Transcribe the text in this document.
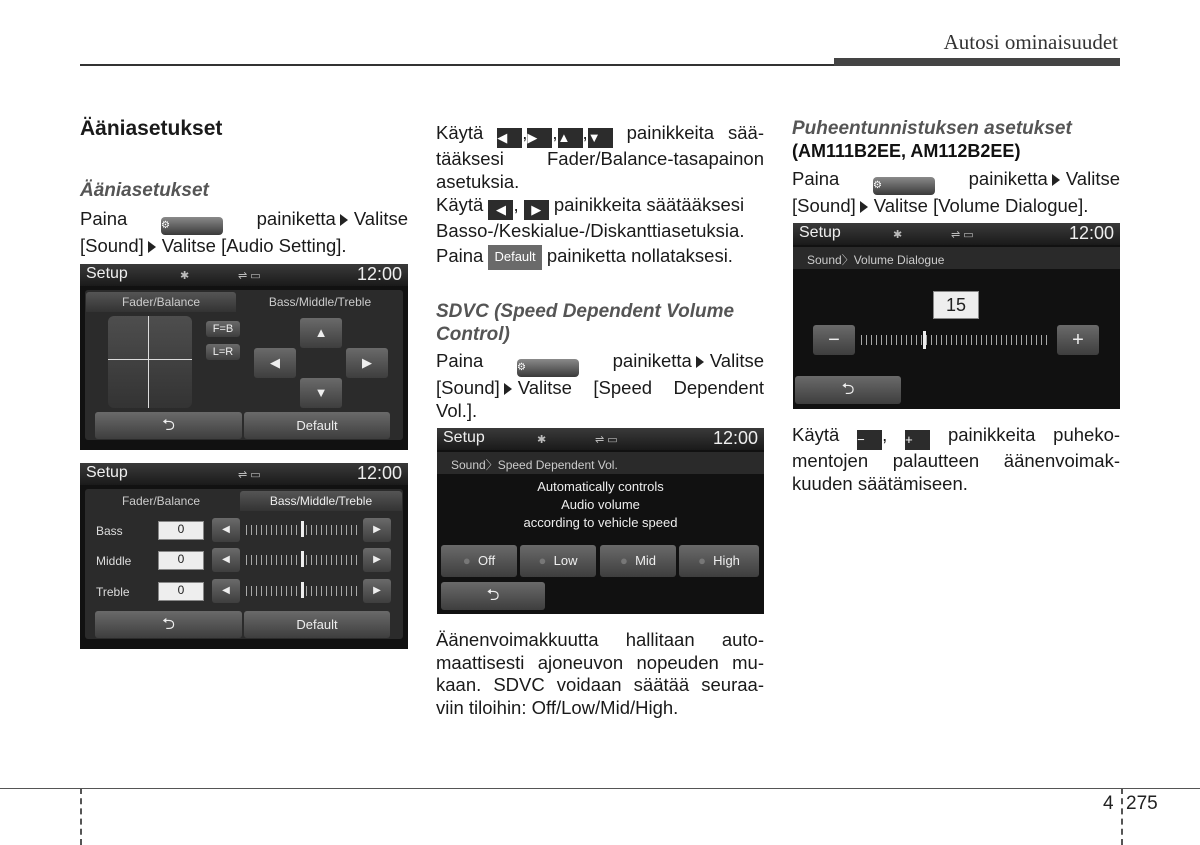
Autosi ominaisuudet
Ääniasetukset
Ääniasetukset
Paina	⚙	painiketta Valitse
[Sound] Valitse [Audio Setting].
Setup	✱	⇌ ▭	12:00
Fader/Balance	Bass/Middle/Treble
F=B
L=R
▲
◀	▶
▼
⮌	Default
Setup	⇌ ▭	12:00
Fader/Balance	Bass/Middle/Treble
Bass	0	◀	▶
Middle	0	◀	▶
Treble	0	◀	▶
⮌	Default
Käytä ◀ ,▶ ,▲ ,▼ painikkeita sää-
tääksesi Fader/Balance-tasapainon
asetuksia.
Käytä ◀ , ▶ painikkeita säätääksesi
Basso-/Keskialue-/Diskanttiasetuksia.
Paina Default painiketta nollataksesi.
SDVC (Speed Dependent Volume
Control)
Paina	⚙	painiketta Valitse
[Sound] Valitse [Speed Dependent
Vol.].
Setup	✱	⇌ ▭	12:00
Sound〉Speed Dependent Vol.
Automatically controls
Audio volume
according to vehicle speed
● Off	● Low	● Mid	● High
⮌
Äänenvoimakkuutta hallitaan auto-
maattisesti ajoneuvon nopeuden mu-
kaan. SDVC voidaan säätää seuraa-
viin tiloihin: Off/Low/Mid/High.
Puheentunnistuksen asetukset
(AM111B2EE, AM112B2EE)
Paina	⚙	painiketta Valitse
[Sound] Valitse [Volume Dialogue].
Setup	✱	⇌ ▭	12:00
Sound〉Volume Dialogue
15
−	+
⮌
Käytä − , + painikkeita puheko-
mentojen palautteen äänenvoimak-
kuuden säätämiseen.
4 275
